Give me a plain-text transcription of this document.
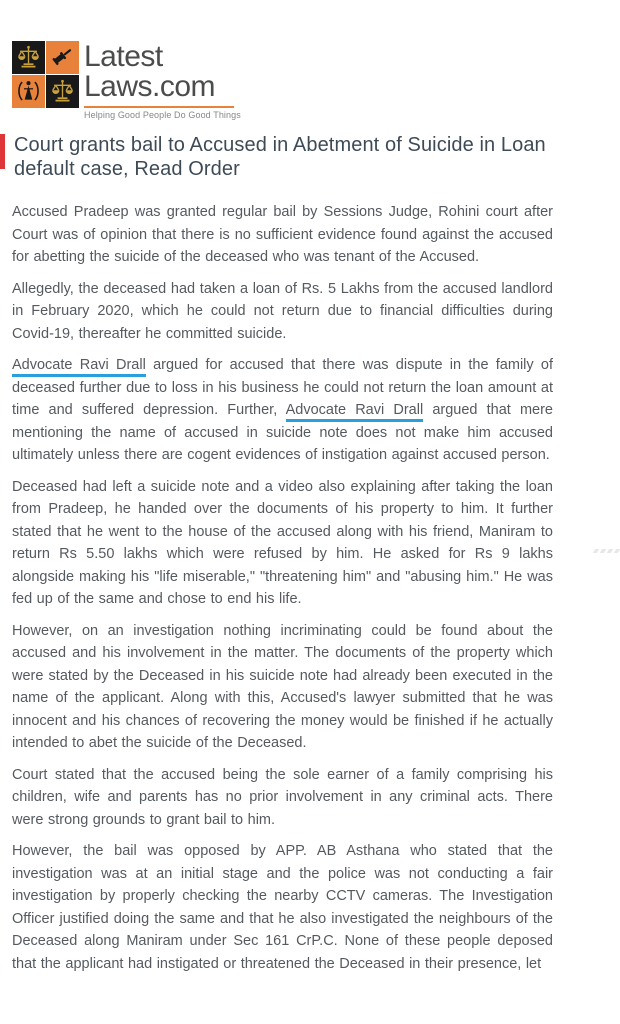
Latest
Laws.com
Helping Good People Do Good Things
Court grants bail to Accused in Abetment of Suicide in Loan default case, Read Order

Accused Pradeep was granted regular bail by Sessions Judge, Rohini court after Court was of opinion that there is no sufficient evidence found against the accused for abetting the suicide of the deceased who was tenant of the Accused.

Allegedly, the deceased had taken a loan of Rs. 5 Lakhs from the accused landlord in February 2020, which he could not return due to financial difficulties during Covid-19, thereafter he committed suicide.

Advocate Ravi Drall argued for accused that there was dispute in the family of deceased further due to loss in his business he could not return the loan amount at time and suffered depression. Further, Advocate Ravi Drall argued that mere mentioning the name of accused in suicide note does not make him accused ultimately unless there are cogent evidences of instigation against accused person.

Deceased had left a suicide note and a video also explaining after taking the loan from Pradeep, he handed over the documents of his property to him. It further stated that he went to the house of the accused along with his friend, Maniram to return Rs 5.50 lakhs which were refused by him. He asked for Rs 9 lakhs alongside making his "life miserable," "threatening him" and "abusing him." He was fed up of the same and chose to end his life.

However, on an investigation nothing incriminating could be found about the accused and his involvement in the matter. The documents of the property which were stated by the Deceased in his suicide note had already been executed in the name of the applicant. Along with this, Accused's lawyer submitted that he was innocent and his chances of recovering the money would be finished if he actually intended to abet the suicide of the Deceased.

Court stated that the accused being the sole earner of a family comprising his children, wife and parents has no prior involvement in any criminal acts. There were strong grounds to grant bail to him.

However, the bail was opposed by APP. AB Asthana who stated that the investigation was at an initial stage and the police was not conducting a fair investigation by properly checking the nearby CCTV cameras. The Investigation Officer justified doing the same and that he also investigated the neighbours of the Deceased along Maniram under Sec 161 CrP.C. None of these people deposed that the applicant had instigated or threatened the Deceased in their presence, let
